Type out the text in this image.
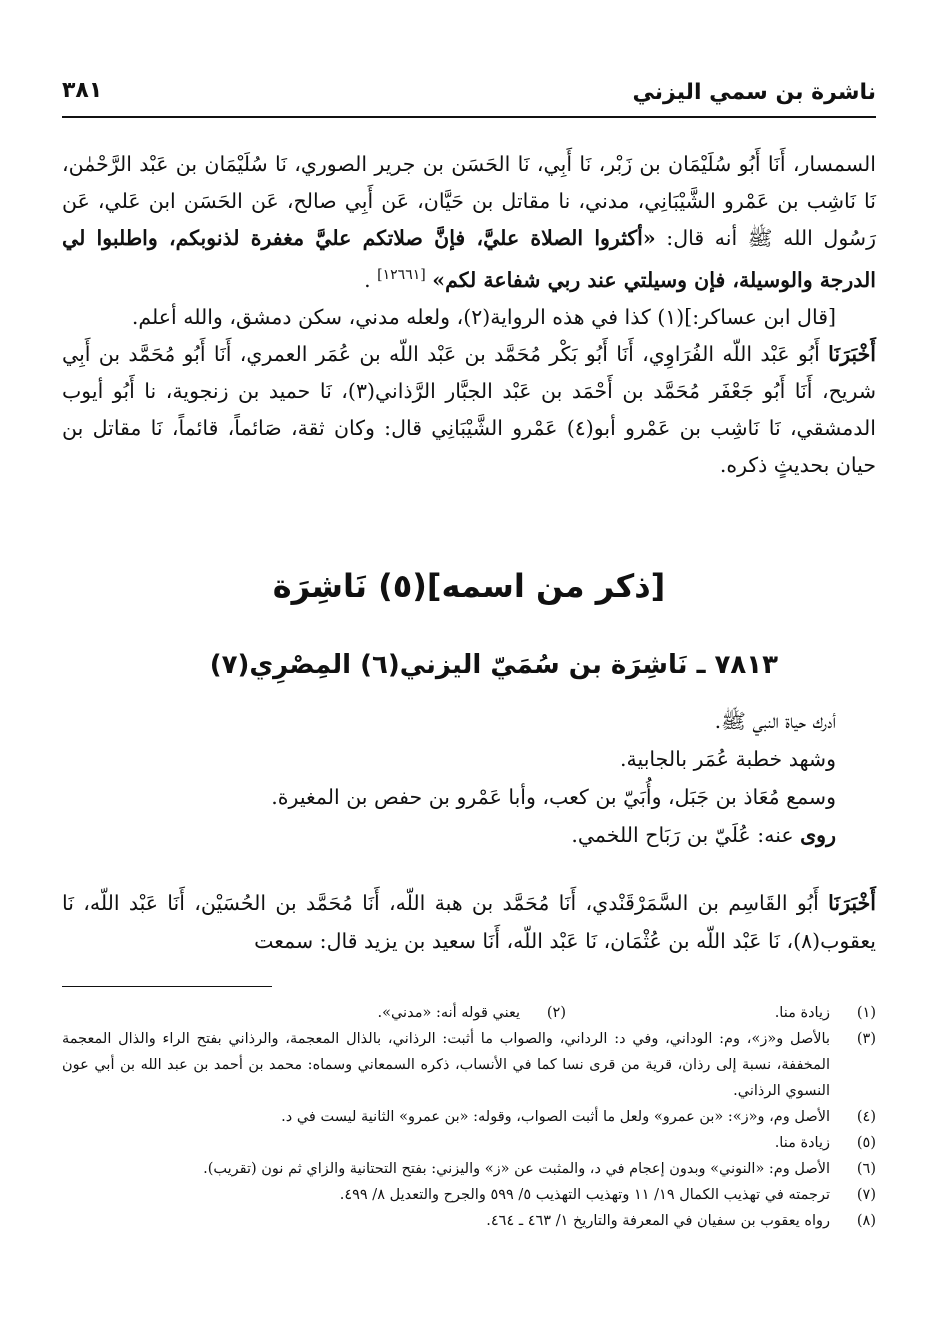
ناشرة بن سمي اليزني
٣٨١

السمسار، أَنَا أَبُو سُلَيْمَان بن زَبْر، نَا أَبِي، نَا الحَسَن بن جرير الصوري، نَا سُلَيْمَان بن عَبْد الرَّحْمٰن، نَا نَاشِب بن عَمْرو الشَّيْبَانِي، مدني، نا مقاتل بن حَيَّان، عَن أَبِي صالح، عَن الحَسَن ابن عَلي، عَن رَسُول الله ﷺ أنه قال: «أكثروا الصلاة عليَّ، فإنَّ صلاتكم عليَّ مغفرة لذنوبكم، واطلبوا لي الدرجة والوسيلة، فإن وسيلتي عند ربي شفاعة لكم» [١٢٦٦١] .

[قال ابن عساكر:](١) كذا في هذه الرواية(٢)، ولعله مدني، سكن دمشق، والله أعلم.

أَخْبَرَنَا أَبُو عَبْد اللّه الفُرَاوِي، أَنَا أَبُو بَكْر مُحَمَّد بن عَبْد اللّه بن عُمَر العمري، أَنَا أَبُو مُحَمَّد بن أَبِي شريح، أَنَا أَبُو جَعْفَر مُحَمَّد بن أَحْمَد بن عَبْد الجبَّار الرَّذاني(٣)، نَا حميد بن زنجوية، نا أَبُو أيوب الدمشقي، نَا نَاشِب بن عَمْرو أبو(٤) عَمْرو الشَّيْبَانِي قال: وكان ثقة، صَائماً، قائماً، نَا مقاتل بن حيان بحديثٍ ذكره.

[ذكر من اسمه](٥) نَاشِرَة
٧٨١٣ ـ نَاشِرَة بن سُمَيّ اليزني(٦) المِصْرِي(٧)

أدرك حياة النبي ﷺ.

وشهد خطبة عُمَر بالجابية.

وسمع مُعَاذ بن جَبَل، وأُبَيّ بن كعب، وأبا عَمْرو بن حفص بن المغيرة.

روى عنه: عُلَيّ بن رَبَاح اللخمي.

أَخْبَرَنَا أَبُو القَاسِم بن السَّمَرْقَنْدي، أَنَا مُحَمَّد بن هبة اللّه، أَنَا مُحَمَّد بن الحُسَيْن، أَنَا عَبْد اللّه، نَا يعقوب(٨)، نَا عَبْد اللّه بن عُثْمَان، نَا عَبْد اللّه، أَنَا سعيد بن يزيد قال: سمعت

(١)
زيادة منا.
(٢)
يعني قوله أنه: «مدني».
(٣)
بالأصل و«ز»، وم: الوداني، وفي د: الرداني، والصواب ما أثبت: الرذاني، بالذال المعجمة، والرذاني بفتح الراء والذال المعجمة المخففة، نسبة إلى رذان، قرية من قرى نسا كما في الأنساب، ذكره السمعاني وسماه: محمد بن أحمد بن عبد الله بن أبي عون النسوي الرذاني.
(٤)
الأصل وم، و«ز»: «بن عمرو» ولعل ما أثبت الصواب، وقوله: «بن عمرو» الثانية ليست في د.
(٥)
زيادة منا.
(٦)
الأصل وم: «النوني» وبدون إعجام في د، والمثبت عن «ز» واليزني: بفتح التحتانية والزاي ثم نون (تقريب).
(٧)
ترجمته في تهذيب الكمال ١٩/ ١١ وتهذيب التهذيب ٥/ ٥٩٩ والجرح والتعديل ٨/ ٤٩٩.
(٨)
رواه يعقوب بن سفيان في المعرفة والتاريخ ١/ ٤٦٣ ـ ٤٦٤.
